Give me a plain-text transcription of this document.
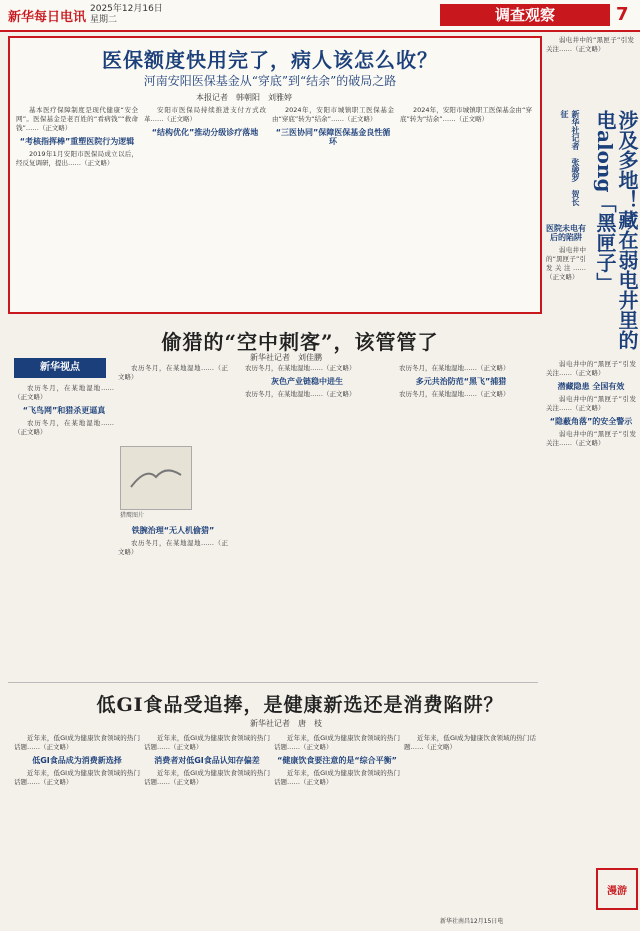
新华每日电讯
2025年12月16日
星期二	调查观察	7
医保额度快用完了，病人该怎么收？
河南安阳医保基金从“穿底”到“结余”的破局之路
本报记者　韩朝阳　刘雅婷

基本医疗保障制度是现代健康“安全网”。医保基金是老百姓的“看病钱”“救命钱”……（正文略）

“考核指挥棒”重塑医院行为逻辑

2019年1月安阳市医保局成立以后，经反复调研，提出……（正文略）

安阳市医保局持续推进支付方式改革……（正文略）

“结构优化”推动分级诊疗落地

2024年，安阳市城镇职工医保基金由“穿底”转为“结余”……（正文略）

“三医协同”保障医保基金良性循环

2024年，安阳市城镇职工医保基金由“穿底”转为“结余”……（正文略）

弱电井中的“黑匣子”引发关注……（正文略）

涉及多地！藏在弱电井里的电along「黑匣子」
新华社记者　张骏罗　贺长征
医院未电有后的陷阱

弱电井中的“黑匣子”引发关注……（正文略）

弱电井中的“黑匣子”引发关注……（正文略）

潜藏隐患 全国有效

弱电井中的“黑匣子”引发关注……（正文略）

“隐蔽角落”的安全警示

弱电井中的“黑匣子”引发关注……（正文略）

偷猎的“空中刺客”，该管管了
新华社记者　刘佳鹏
新华视点

农历冬月，在某地湿地……（正文略）

“飞鸟网”和猎杀更逼真

农历冬月，在某地湿地……（正文略）

农历冬月，在某地湿地……（正文略）

猎鹰图片
铁腕治理“无人机偷猎”

农历冬月，在某地湿地……（正文略）

农历冬月，在某地湿地……（正文略）

灰色产业链稳中进生

农历冬月，在某地湿地……（正文略）

农历冬月，在某地湿地……（正文略）

多元共治防范“黑飞”捕猎

农历冬月，在某地湿地……（正文略）

低GI食品受追捧，是健康新选还是消费陷阱？
新华社记者　唐　枝

近年来，低GI成为健康饮食领域的热门话题……（正文略）

低GI食品成为消费新选择

近年来，低GI成为健康饮食领域的热门话题……（正文略）

近年来，低GI成为健康饮食领域的热门话题……（正文略）

消费者对低GI食品认知存偏差

近年来，低GI成为健康饮食领域的热门话题……（正文略）

近年来，低GI成为健康饮食领域的热门话题……（正文略）

“健康饮食要注意的是“综合平衡”

近年来，低GI成为健康饮食领域的热门话题……（正文略）

近年来，低GI成为健康饮食领域的热门话题……（正文略）

新华社南昌12月15日电
漫游
